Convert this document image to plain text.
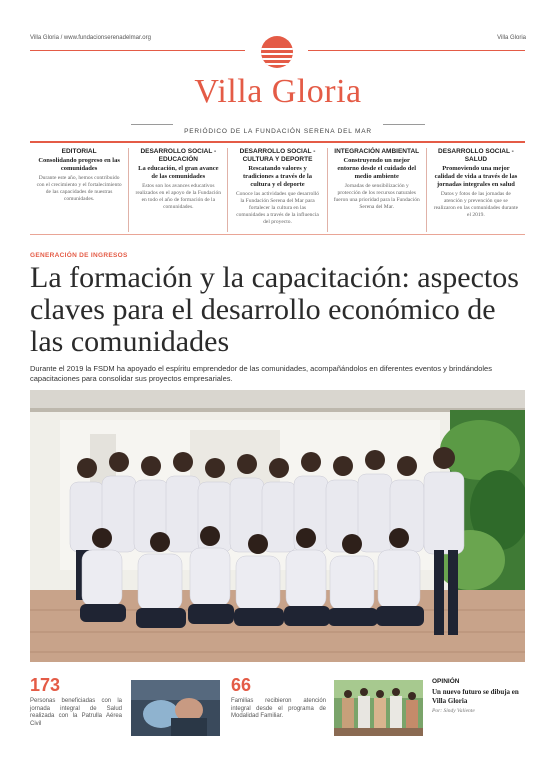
Villa Gloria / www.fundacionserenadelmar.org	Villa Gloria
Villa Gloria
PERIÓDICO DE LA FUNDACIÓN SERENA DEL MAR
EDITORIAL
Consolidando progreso en las comunidades
Durante este año, hemos contribuido con el crecimiento y el fortalecimiento de las capacidades de nuestras comunidades.
DESARROLLO SOCIAL - EDUCACIÓN
La educación, el gran avance de las comunidades
Estos son los avances educativos realizados en el apoyo de la Fundación en todo el año de formación de la comunidades.
DESARROLLO SOCIAL - CULTURA Y DEPORTE
Rescatando valores y tradiciones a través de la cultura y el deporte
Conoce las actividades que desarrolló la Fundación Serena del Mar para fortalecer la cultura en las comunidades a través de la influencia del proyecto.
INTEGRACIÓN AMBIENTAL
Construyendo un mejor entorno desde el cuidado del medio ambiente
Jornadas de sensibilización y protección de los recursos naturales fueron una prioridad para la Fundación Serena del Mar.
DESARROLLO SOCIAL - SALUD
Promoviendo una mejor calidad de vida a través de las jornadas integrales en salud
Datos y fotos de las jornadas de atención y prevención que se realizaron en las comunidades durante el 2019.
GENERACIÓN DE INGRESOS
La formación y la capacitación: aspectos claves para el desarrollo económico de las comunidades
Durante el 2019 la FSDM ha apoyado el espíritu emprendedor de las comunidades, acompañándolos en diferentes eventos y brindándoles capacitaciones para consolidar sus proyectos empresariales.
173
Personas beneficiadas con la jornada integral de Salud realizada con la Patrulla Aérea Civil
66
Familias recibieron atención integral desde el programa de Modalidad Familiar.
OPINIÓN
Un nuevo futuro se dibuja en Villa Gloria
Por: Sindy Valiente
